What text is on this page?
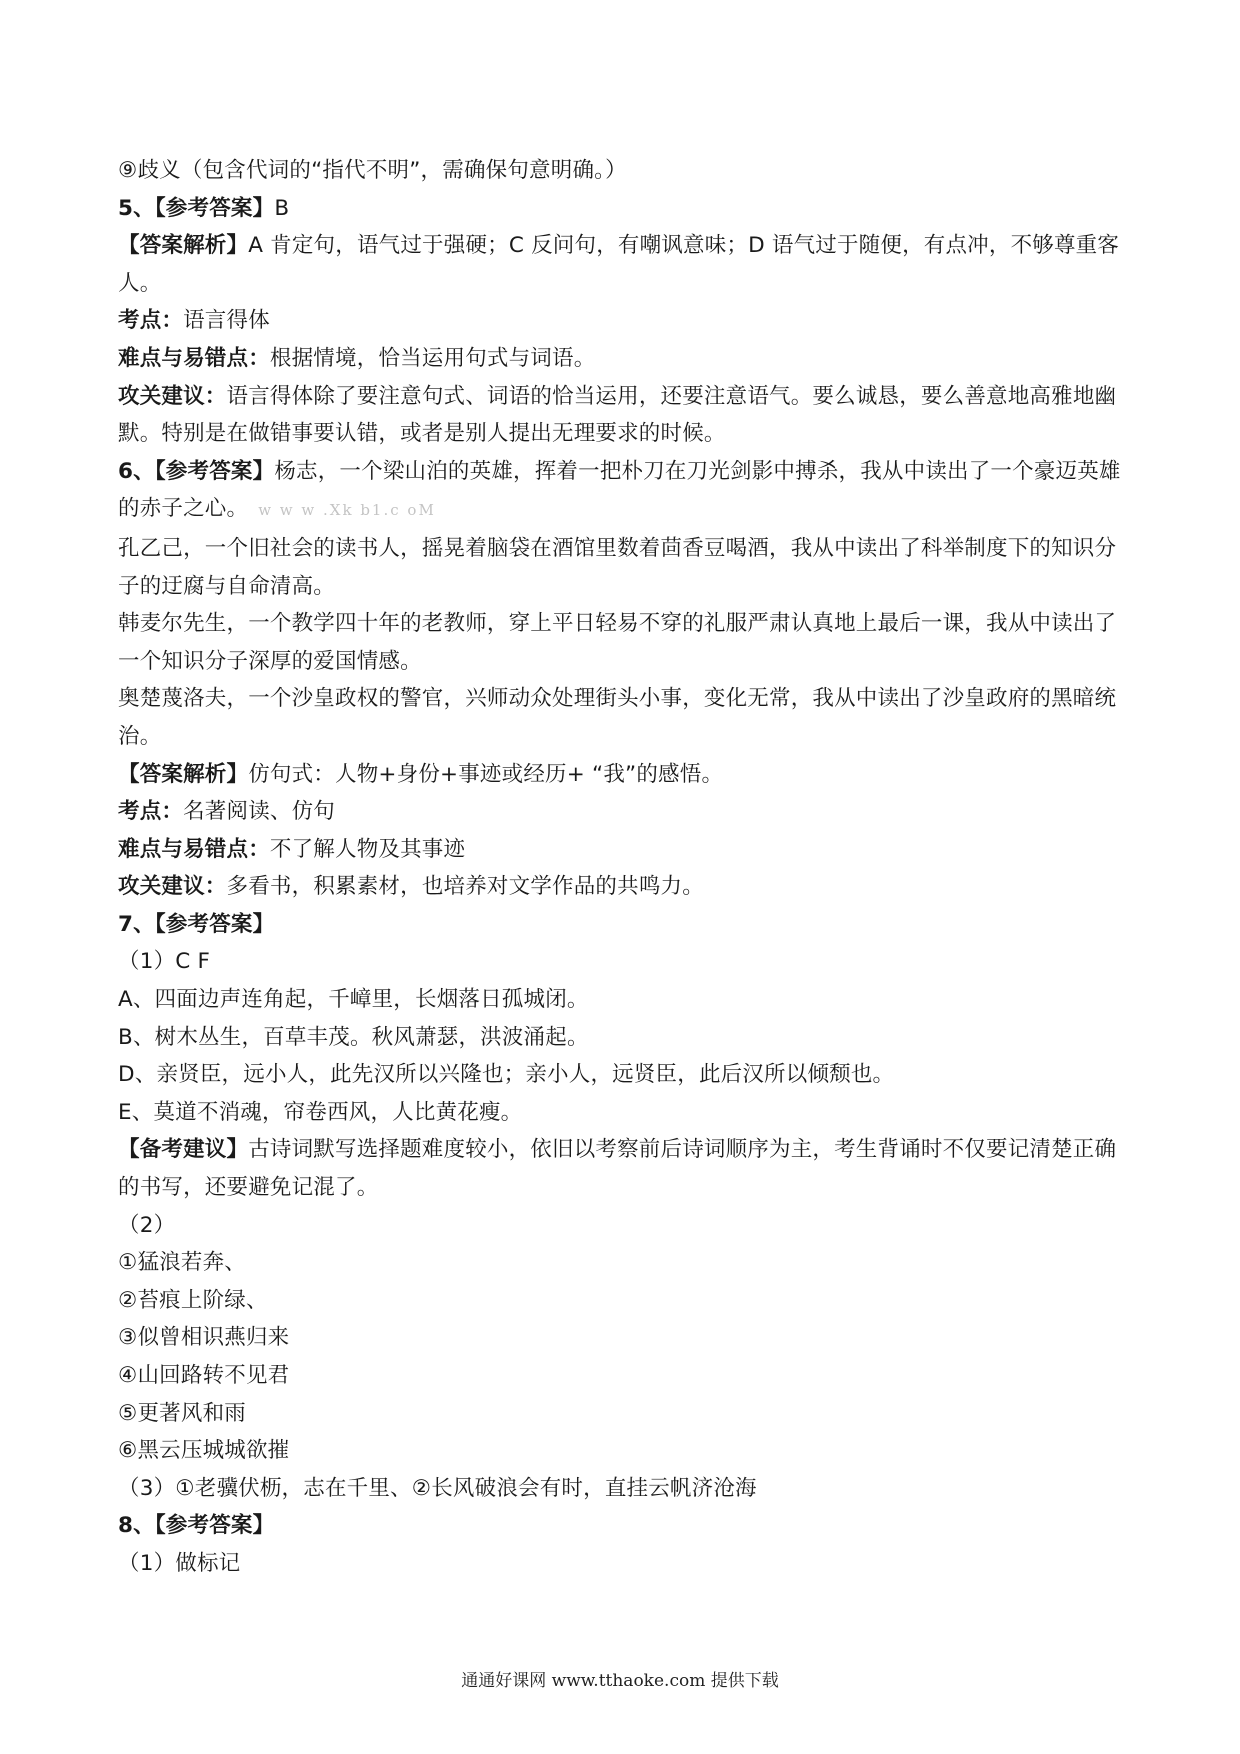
⑨歧义（包含代词的“指代不明”，需确保句意明确。）

5、【参考答案】B

【答案解析】A 肯定句，语气过于强硬；C 反问句，有嘲讽意味；D 语气过于随便，有点冲，不够尊重客人。

考点：语言得体

难点与易错点：根据情境，恰当运用句式与词语。

攻关建议：语言得体除了要注意句式、词语的恰当运用，还要注意语气。要么诚恳，要么善意地高雅地幽默。特别是在做错事要认错，或者是别人提出无理要求的时候。

6、【参考答案】杨志，一个梁山泊的英雄，挥着一把朴刀在刀光剑影中搏杀，我从中读出了一个豪迈英雄的赤子之心。 w w w .Xk b1.c oM

孔乙己，一个旧社会的读书人，摇晃着脑袋在酒馆里数着茴香豆喝酒，我从中读出了科举制度下的知识分子的迂腐与自命清高。

韩麦尔先生，一个教学四十年的老教师，穿上平日轻易不穿的礼服严肃认真地上最后一课，我从中读出了一个知识分子深厚的爱国情感。

奥楚蔑洛夫，一个沙皇政权的警官，兴师动众处理街头小事，变化无常，我从中读出了沙皇政府的黑暗统治。

【答案解析】仿句式：人物+身份+事迹或经历+ “我”的感悟。

考点：名著阅读、仿句

难点与易错点：不了解人物及其事迹

攻关建议：多看书，积累素材，也培养对文学作品的共鸣力。

7、【参考答案】

（1）C F

A、四面边声连角起，千嶂里，长烟落日孤城闭。

B、树木丛生，百草丰茂。秋风萧瑟，洪波涌起。

D、亲贤臣，远小人，此先汉所以兴隆也；亲小人，远贤臣，此后汉所以倾颓也。

E、莫道不消魂，帘卷西风，人比黄花瘦。

【备考建议】古诗词默写选择题难度较小，依旧以考察前后诗词顺序为主，考生背诵时不仅要记清楚正确的书写，还要避免记混了。

（2）

①猛浪若奔、

②苔痕上阶绿、

③似曾相识燕归来

④山回路转不见君

⑤更著风和雨

⑥黑云压城城欲摧

（3）①老骥伏枥，志在千里、②长风破浪会有时，直挂云帆济沧海

8、【参考答案】

（1）做标记

通通好课网 www.tthaoke.com 提供下载
